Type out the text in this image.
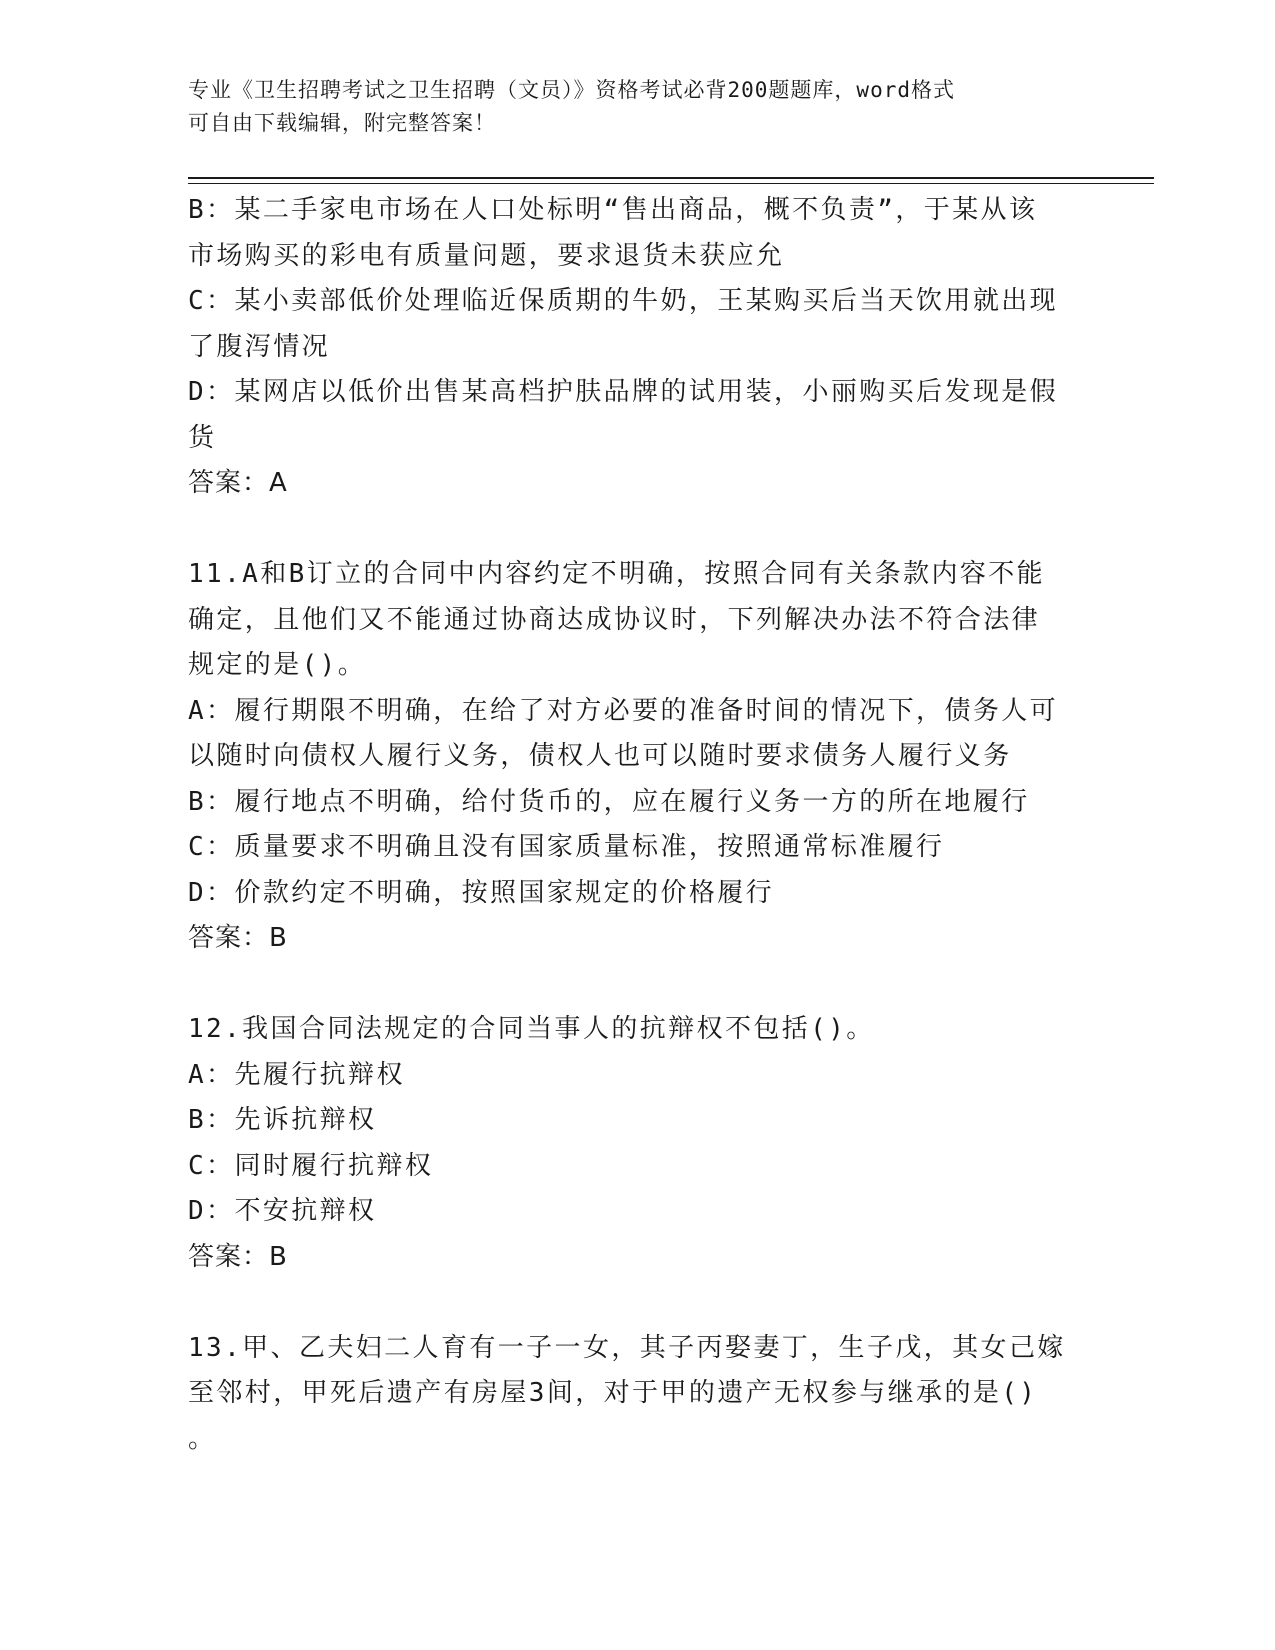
专业《卫生招聘考试之卫生招聘（文员）》资格考试必背200题题库，word格式
可自由下载编辑，附完整答案！
B：某二手家电市场在人口处标明“售出商品，概不负责”，于某从该
市场购买的彩电有质量问题，要求退货未获应允
C：某小卖部低价处理临近保质期的牛奶，王某购买后当天饮用就出现
了腹泻情况
D：某网店以低价出售某高档护肤品牌的试用装，小丽购买后发现是假
货
答案：A
11.A和B订立的合同中内容约定不明确，按照合同有关条款内容不能
确定，且他们又不能通过协商达成协议时，下列解决办法不符合法律
规定的是()。
A：履行期限不明确，在给了对方必要的准备时间的情况下，债务人可
以随时向债权人履行义务，债权人也可以随时要求债务人履行义务
B：履行地点不明确，给付货币的，应在履行义务一方的所在地履行
C：质量要求不明确且没有国家质量标准，按照通常标准履行
D：价款约定不明确，按照国家规定的价格履行
答案：B
12.我国合同法规定的合同当事人的抗辩权不包括()。
A：先履行抗辩权
B：先诉抗辩权
C：同时履行抗辩权
D：不安抗辩权
答案：B
13.甲、乙夫妇二人育有一子一女，其子丙娶妻丁，生子戊，其女己嫁
至邻村，甲死后遗产有房屋3间，对于甲的遗产无权参与继承的是()
。
